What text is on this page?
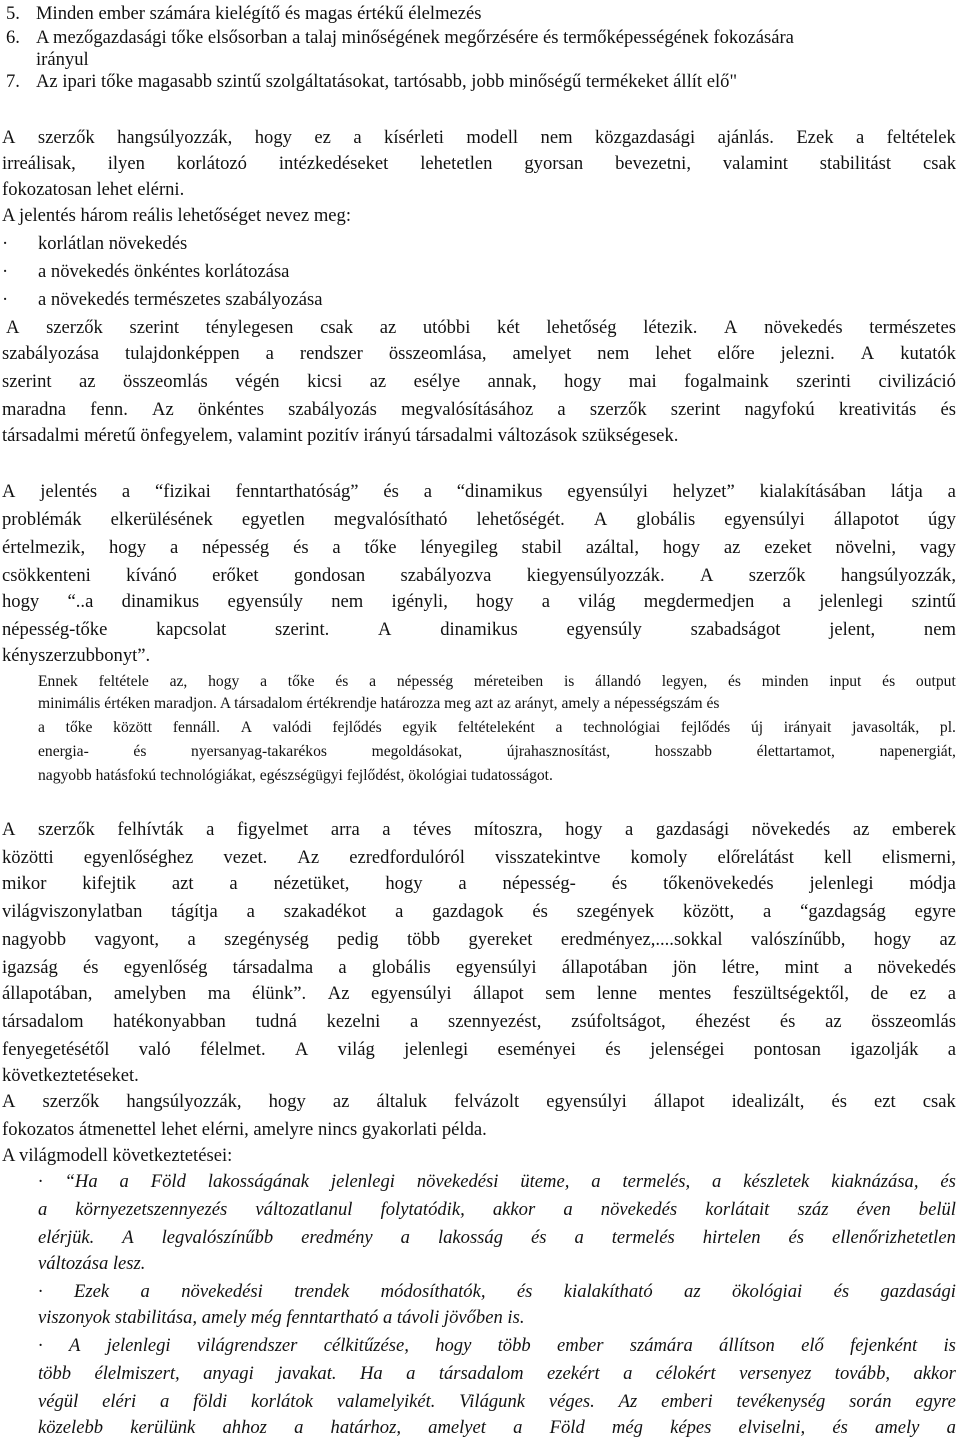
5. Minden ember számára kielégítő és magas értékű élelmezés
6. A mezőgazdasági tőke elsősorban a talaj minőségének megőrzésére és termőképességének fokozására
irányul
7. Az ipari tőke magasabb szintű szolgáltatásokat, tartósabb, jobb minőségű termékeket állít elő"
A szerzők hangsúlyozzák, hogy ez a kísérleti modell nem közgazdasági ajánlás. Ezek a feltételek
irreálisak, ilyen korlátozó intézkedéseket lehetetlen gyorsan bevezetni, valamint stabilitást csak
fokozatosan lehet elérni.
A jelentés három reális lehetőséget nevez meg:
· korlátlan növekedés
· a növekedés önkéntes korlátozása
· a növekedés természetes szabályozása
A szerzők szerint ténylegesen csak az utóbbi két lehetőség létezik. A növekedés természetes
szabályozása tulajdonképpen a rendszer összeomlása, amelyet nem lehet előre jelezni. A kutatók
szerint az összeomlás végén kicsi az esélye annak, hogy mai fogalmaink szerinti civilizáció
maradna fenn. Az önkéntes szabályozás megvalósításához a szerzők szerint nagyfokú kreativitás és
társadalmi méretű önfegyelem, valamint pozitív irányú társadalmi változások szükségesek.
A jelentés a “fizikai fenntarthatóság” és a “dinamikus egyensúlyi helyzet” kialakításában látja a
problémák elkerülésének egyetlen megvalósítható lehetőségét. A globális egyensúlyi állapotot úgy
értelmezik, hogy a népesség és a tőke lényegileg stabil azáltal, hogy az ezeket növelni, vagy
csökkenteni kívánó erőket gondosan szabályozva kiegyensúlyozzák. A szerzők hangsúlyozzák,
hogy “..a dinamikus egyensúly nem igényli, hogy a világ megdermedjen a jelenlegi szintű
népesség-tőke	kapcsolat	szerint.	A	dinamikus	egyensúly	szabadságot	jelent,	nem
kényszerzubbonyt”.
Ennek feltétele az, hogy a tőke és a népesség méreteiben is állandó legyen, és minden input és output
minimális értéken maradjon. A társadalom értékrendje határozza meg azt az arányt, amely a népességszám és
a tőke között fennáll. A valódi fejlődés egyik feltételeként a technológiai fejlődés új irányait javasolták, pl.
energia-	és	nyersanyag-takarékos	megoldásokat,	újrahasznosítást,	hosszabb	élettartamot,	napenergiát,
nagyobb hatásfokú technológiákat, egészségügyi fejlődést, ökológiai tudatosságot.
A szerzők felhívták a figyelmet arra a téves mítoszra, hogy a gazdasági növekedés az emberek
közötti egyenlőséghez vezet. Az ezredfordulóról visszatekintve komoly előrelátást kell elismerni,
mikor kifejtik azt a nézetüket, hogy a népesség- és tőkenövekedés jelenlegi módja
világviszonylatban tágítja a szakadékot a gazdagok és szegények között, a “gazdagság egyre
nagyobb vagyont, a szegénység pedig több gyereket eredményez,....sokkal valószínűbb, hogy az
igazság és egyenlőség társadalma a globális egyensúlyi állapotában jön létre, mint a növekedés
állapotában, amelyben ma élünk”. Az egyensúlyi állapot sem lenne mentes feszültségektől, de ez a
társadalom hatékonyabban tudná kezelni a szennyezést, zsúfoltságot, éhezést és az összeomlás
fenyegetésétől való félelmet. A világ jelenlegi eseményei és jelenségei pontosan igazolják a
következtetéseket.
A szerzők hangsúlyozzák, hogy az általuk felvázolt egyensúlyi állapot idealizált, és ezt csak
fokozatos átmenettel lehet elérni, amelyre nincs gyakorlati példa.
A világmodell következtetései:
· “Ha a Föld lakosságának jelenlegi növekedési üteme, a termelés, a készletek kiaknázása, és
a környezetszennyezés változatlanul folytatódik, akkor a növekedés korlátait száz éven belül
elérjük. A legvalószínűbb eredmény a lakosság és a termelés hirtelen és ellenőrizhetetlen
változása lesz.
· Ezek a növekedési trendek módosíthatók, és kialakítható az ökológiai és gazdasági
viszonyok stabilitása, amely még fenntartható a távoli jövőben is.
· A jelenlegi világrendszer célkitűzése, hogy több ember számára állítson elő fejenként is
több élelmiszert, anyagi javakat. Ha a társadalom ezekért a célokért versenyez tovább, akkor
végül eléri a földi korlátok valamelyikét. Világunk véges. Az emberi tevékenység során egyre
közelebb kerülünk ahhoz a határhoz, amelyet a Föld még képes elviselni, és amely a
